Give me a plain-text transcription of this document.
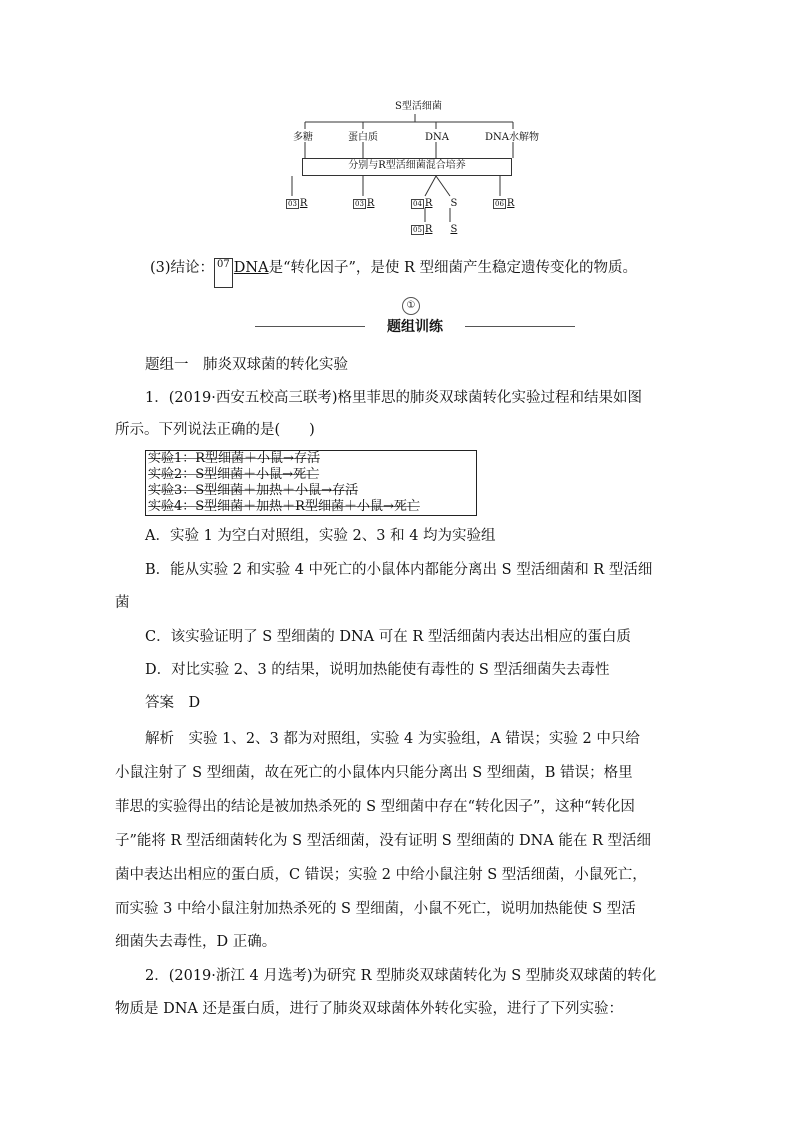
S型活细菌
多糖	蛋白质	DNA	DNA水解物
分别与R型活细菌混合培养
03 R	03 R	04 R S	06 R
05 R S
(3)结论： 07 DNA是“转化因子”，是使 R 型细菌产生稳定遗传变化的物质。
①
题组训练
题组一　肺炎双球菌的转化实验
1．(2019·西安五校高三联考)格里菲思的肺炎双球菌转化实验过程和结果如图
所示。下列说法正确的是(　　)
实验1：R型细菌＋小鼠→存活
实验2：S型细菌＋小鼠→死亡
实验3：S型细菌＋加热＋小鼠→存活
实验4：S型细菌＋加热＋R型细菌＋小鼠→死亡
A．实验 1 为空白对照组，实验 2、3 和 4 均为实验组
B．能从实验 2 和实验 4 中死亡的小鼠体内都能分离出 S 型活细菌和 R 型活细
菌
C．该实验证明了 S 型细菌的 DNA 可在 R 型活细菌内表达出相应的蛋白质
D．对比实验 2、3 的结果，说明加热能使有毒性的 S 型活细菌失去毒性
答案　 D
解析　 实验 1、2、3 都为对照组，实验 4 为实验组，A 错误；实验 2 中只给
小鼠注射了 S 型细菌，故在死亡的小鼠体内只能分离出 S 型细菌，B 错误；格里
菲思的实验得出的结论是被加热杀死的 S 型细菌中存在“转化因子”，这种“转化因
子”能将 R 型活细菌转化为 S 型活细菌，没有证明 S 型细菌的 DNA 能在 R 型活细
菌中表达出相应的蛋白质，C 错误；实验 2 中给小鼠注射 S 型活细菌，小鼠死亡，
而实验 3 中给小鼠注射加热杀死的 S 型细菌，小鼠不死亡，说明加热能使 S 型活
细菌失去毒性，D 正确。
2．(2019·浙江 4 月选考)为研究 R 型肺炎双球菌转化为 S 型肺炎双球菌的转化
物质是 DNA 还是蛋白质，进行了肺炎双球菌体外转化实验，进行了下列实验：
